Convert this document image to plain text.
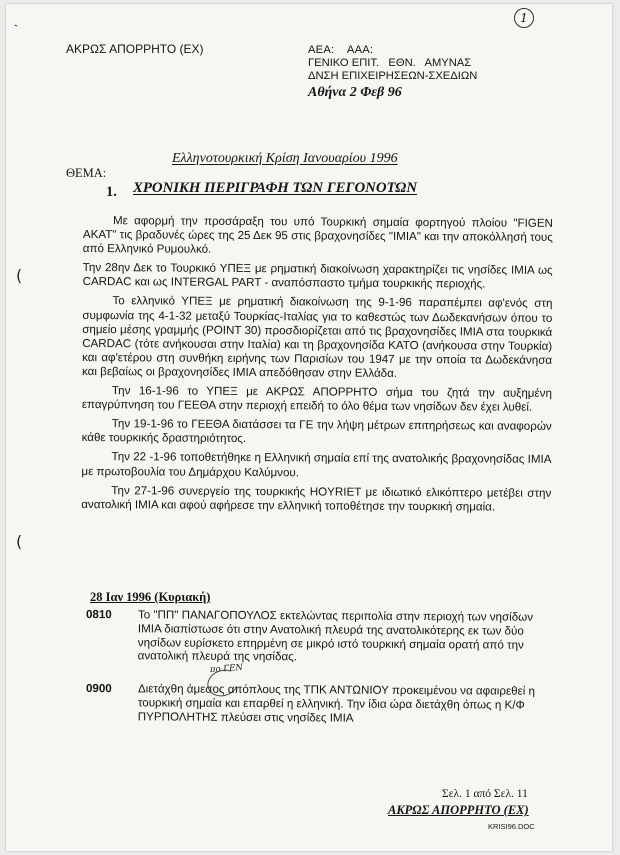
ˎ
ΑΚΡΩΣ ΑΠΟΡΡΗΤΟ (ΕΧ)
1
ΑΕΑ:    ΑΑΑ:
ΓΕΝΙΚΟ ΕΠΙΤ.   ΕΘΝ.   ΑΜΥΝΑΣ
ΔΝΣΗ ΕΠΙΧΕΙΡΗΣΕΩΝ-ΣΧΕΔΙΩΝ
Αθήνα 2 Φεβ 96
ΘΕΜΑ:
Ελληνοτουρκική Κρίση Ιανουαρίου 1996
1. ΧΡΟΝΙΚΗ ΠΕΡΙΓΡΑΦΗ ΤΩΝ ΓΕΓΟΝΟΤΩΝ

Με αφορμή την προσάραξη του υπό Τουρκική σημαία φορτηγού πλοίου "FIGEN AKAT" τις βραδυνές ώρες της 25 Δεκ 95 στις βραχονησίδες "ΙΜΙΑ" και την αποκόλλησή τους από Ελληνικό Ρυμουλκό.

Την 28ην Δεκ το Τουρκικό ΥΠΕΞ με ρηματική διακοίνωση χαρακτηρίζει τις νησίδες ΙΜΙΑ ως CARDAC και ως INTERGAL PART - αναπόσπαστο τμήμα τουρκικής περιοχής.

Το ελληνικό ΥΠΕΞ με ρηματική διακοίνωση της 9-1-96 παραπέμπει αφ'ενός στη συμφωνία της 4-1-32 μεταξύ Τουρκίας-Ιταλίας για το καθεστώς των Δωδεκανήσων όπου το σημείο μέσης γραμμής (POINT 30) προσδιορίζεται από τις βραχονησίδες ΙΜΙΑ στα τουρκικά CARDAC (τότε ανήκουσαι στην Ιταλία) και τη βραχονησίδα ΚΑΤΟ (ανήκουσα στην Τουρκία) και αφ'ετέρου στη συνθήκη ειρήνης των Παρισίων του 1947 με την οποία τα Δωδεκάνησα και βεβαίως οι βραχονησίδες ΙΜΙΑ απεδόθησαν στην Ελλάδα.

Την 16-1-96 το ΥΠΕΞ με ΑΚΡΩΣ ΑΠΟΡΡΗΤΟ σήμα του ζητά την αυξημένη επαγρύπνηση του ΓΕΕΘΑ στην περιοχή επειδή το όλο θέμα των νησίδων δεν έχει λυθεί.

Την 19-1-96 το ΓΕΕΘΑ διατάσσει τα ΓΕ την λήψη μέτρων επιτηρήσεως και αναφορών κάθε τουρκικής δραστηριότητος.

Την 22 -1-96 τοποθετήθηκε η Ελληνική σημαία επί της ανατολικής βραχονησίδας ΙΜΙΑ με πρωτοβουλία του Δημάρχου Καλύμνου.

Την 27-1-96 συνεργείο της τουρκικής HOYRIET με ιδιωτικό ελικόπτερο μετέβει στην ανατολική ΙΜΙΑ και αφού αφήρεσε την ελληνική τοποθέτησε την τουρκική σημαία.

(
(
28 Ιαν 1996 (Κυριακή)
0810 Το "ΠΠ" ΠΑΝΑΓΟΠΟΥΛΟΣ εκτελώντας περιπολία στην περιοχή των νησίδων ΙΜΙΑ διαπίστωσε ότι στην Ανατολική πλευρά της ανατολικότερης εκ των δύο νησίδων ευρίσκετο επηρμένη σε μικρό ιστό τουρκική σημαία ορατή από την ανατολική πλευρά της νησίδας.
πο ΓΕΝ
0900 Διετάχθη άμεσος απόπλους της ΤΠΚ ΑΝΤΩΝΙΟΥ προκειμένου να αφαιρεθεί η τουρκική σημαία και επαρθεί η ελληνική. Την ίδια ώρα διετάχθη όπως η Κ/Φ ΠΥΡΠΟΛΗΤΗΣ πλεύσει στις νησίδες ΙΜΙΑ
Σελ. 1 από Σελ. 11
ΑΚΡΩΣ ΑΠΟΡΡΗΤΟ (ΕΧ)
KRISI96.DOC
